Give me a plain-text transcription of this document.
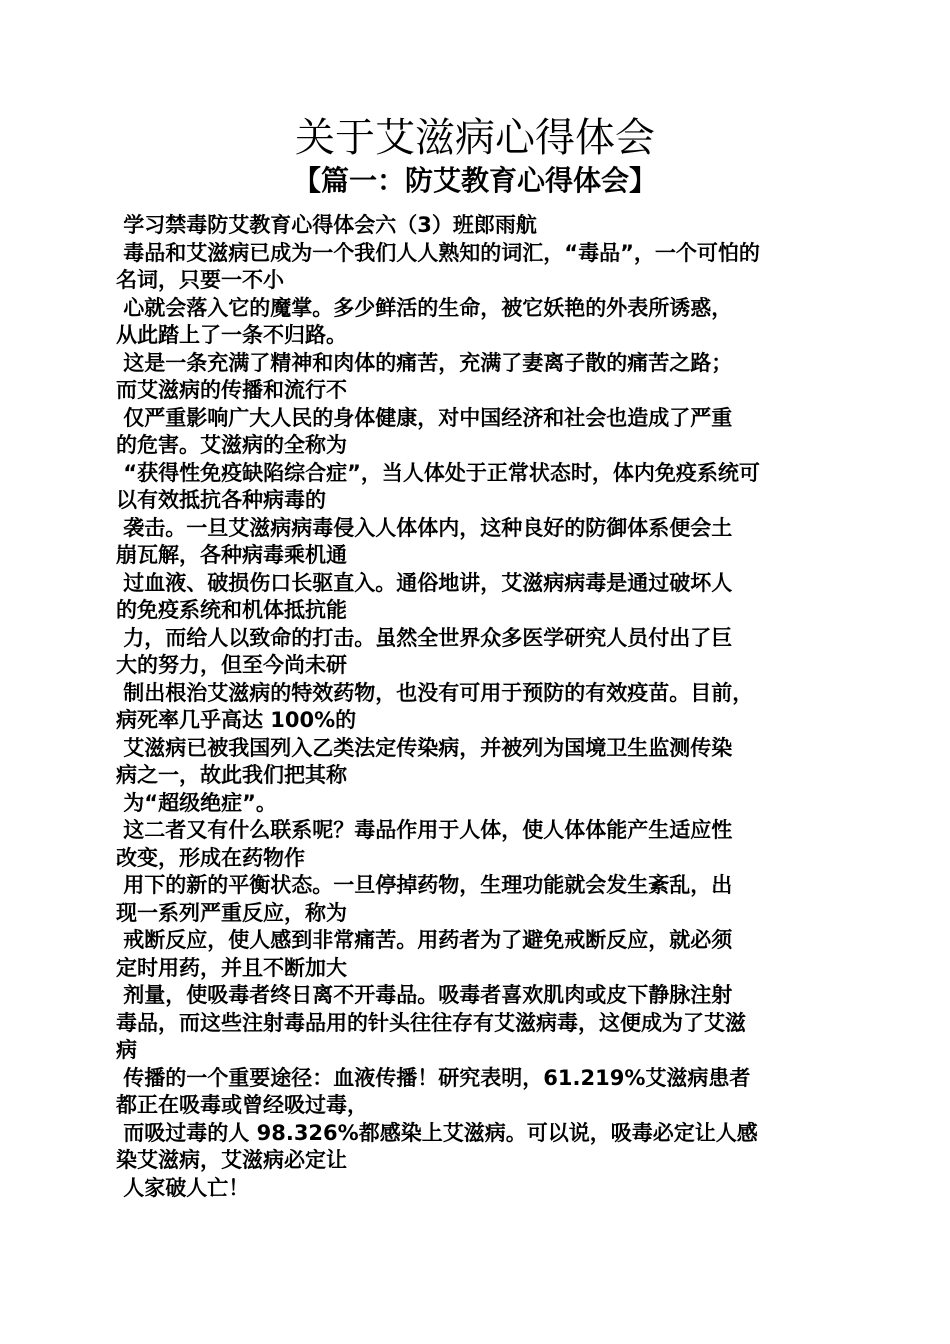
关于艾滋病心得体会
【篇一：防艾教育心得体会】

学习禁毒防艾教育心得体会六（3）班郎雨航

毒品和艾滋病已成为一个我们人人熟知的词汇，“毒品”，一个可怕的

名词，只要一不小

心就会落入它的魔掌。多少鲜活的生命，被它妖艳的外表所诱惑，

从此踏上了一条不归路。

这是一条充满了精神和肉体的痛苦，充满了妻离子散的痛苦之路；

而艾滋病的传播和流行不

仅严重影响广大人民的身体健康，对中国经济和社会也造成了严重

的危害。艾滋病的全称为

“获得性免疫缺陷综合症”，当人体处于正常状态时，体内免疫系统可

以有效抵抗各种病毒的

袭击。一旦艾滋病病毒侵入人体体内，这种良好的防御体系便会土

崩瓦解，各种病毒乘机通

过血液、破损伤口长驱直入。通俗地讲，艾滋病病毒是通过破坏人

的免疫系统和机体抵抗能

力，而给人以致命的打击。虽然全世界众多医学研究人员付出了巨

大的努力，但至今尚未研

制出根治艾滋病的特效药物，也没有可用于预防的有效疫苗。目前，

病死率几乎高达 100%的

艾滋病已被我国列入乙类法定传染病，并被列为国境卫生监测传染

病之一，故此我们把其称

为“超级绝症”。

这二者又有什么联系呢？毒品作用于人体，使人体体能产生适应性

改变，形成在药物作

用下的新的平衡状态。一旦停掉药物，生理功能就会发生紊乱，出

现一系列严重反应，称为

戒断反应，使人感到非常痛苦。用药者为了避免戒断反应，就必须

定时用药，并且不断加大

剂量，使吸毒者终日离不开毒品。吸毒者喜欢肌肉或皮下静脉注射

毒品，而这些注射毒品用的针头往往存有艾滋病毒，这便成为了艾滋

病

传播的一个重要途径：血液传播！研究表明，61.219%艾滋病患者

都正在吸毒或曾经吸过毒，

而吸过毒的人 98.326%都感染上艾滋病。可以说，吸毒必定让人感

染艾滋病，艾滋病必定让

人家破人亡！
